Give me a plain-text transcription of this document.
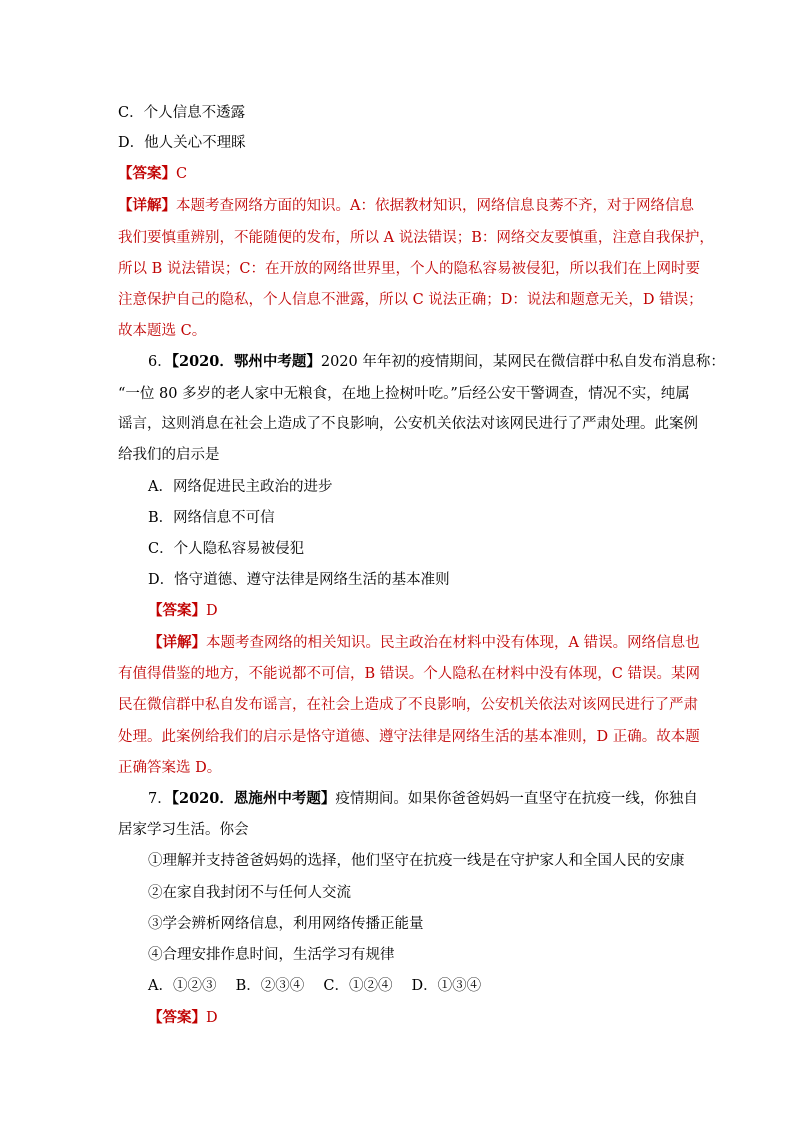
C．个人信息不透露
D．他人关心不理睬
【答案】C
【详解】本题考查网络方面的知识。A：依据教材知识，网络信息良莠不齐，对于网络信息
我们要慎重辨别，不能随便的发布，所以 A 说法错误；B：网络交友要慎重，注意自我保护，
所以 B 说法错误；C：在开放的网络世界里，个人的隐私容易被侵犯，所以我们在上网时要
注意保护自己的隐私，个人信息不泄露，所以 C 说法正确；D：说法和题意无关，D 错误；
故本题选 C。
6．【2020．鄂州中考题】2020 年年初的疫情期间，某网民在微信群中私自发布消息称：
“一位 80 多岁的老人家中无粮食，在地上捡树叶吃。”后经公安干警调查，情况不实，纯属
谣言，这则消息在社会上造成了不良影响，公安机关依法对该网民进行了严肃处理。此案例
给我们的启示是
A．网络促进民主政治的进步
B．网络信息不可信
C．个人隐私容易被侵犯
D．恪守道德、遵守法律是网络生活的基本准则
【答案】D
【详解】本题考查网络的相关知识。民主政治在材料中没有体现，A 错误。网络信息也
有值得借鉴的地方，不能说都不可信，B 错误。个人隐私在材料中没有体现，C 错误。某网
民在微信群中私自发布谣言，在社会上造成了不良影响，公安机关依法对该网民进行了严肃
处理。此案例给我们的启示是恪守道德、遵守法律是网络生活的基本准则，D 正确。故本题
正确答案选 D。
7．【2020．恩施州中考题】疫情期间。如果你爸爸妈妈一直坚守在抗疫一线，你独自
居家学习生活。你会
①理解并支持爸爸妈妈的选择，他们坚守在抗疫一线是在守护家人和全国人民的安康
②在家自我封闭不与任何人交流
③学会辨析网络信息，利用网络传播正能量
④合理安排作息时间，生活学习有规律
A．①②③　 B．②③④　 C．①②④　 D．①③④
【答案】D
